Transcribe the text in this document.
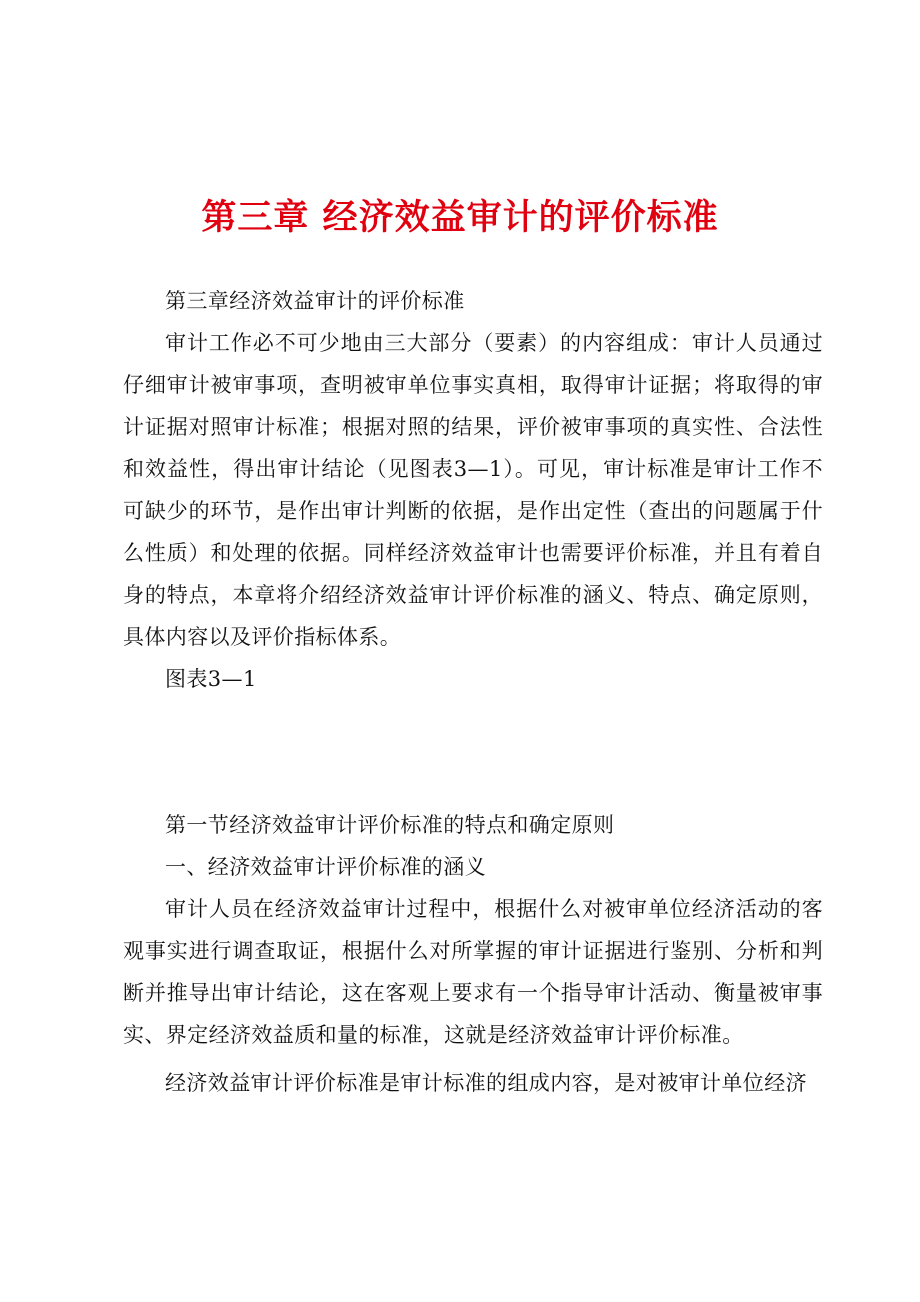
第三章 经济效益审计的评价标准

第三章经济效益审计的评价标准

审计工作必不可少地由三大部分（要素）的内容组成：审计人员通过仔细审计被审事项，查明被审单位事实真相，取得审计证据；将取得的审计证据对照审计标准；根据对照的结果，评价被审事项的真实性、合法性和效益性，得出审计结论（见图表3—1）。可见，审计标准是审计工作不可缺少的环节，是作出审计判断的依据，是作出定性（查出的问题属于什么性质）和处理的依据。同样经济效益审计也需要评价标准，并且有着自身的特点，本章将介绍经济效益审计评价标准的涵义、特点、确定原则，具体内容以及评价指标体系。

图表3—1

第一节经济效益审计评价标准的特点和确定原则

一、经济效益审计评价标准的涵义

审计人员在经济效益审计过程中，根据什么对被审单位经济活动的客观事实进行调查取证，根据什么对所掌握的审计证据进行鉴别、分析和判断并推导出审计结论，这在客观上要求有一个指导审计活动、衡量被审事实、界定经济效益质和量的标准，这就是经济效益审计评价标准。

经济效益审计评价标准是审计标准的组成内容，是对被审计单位经济
